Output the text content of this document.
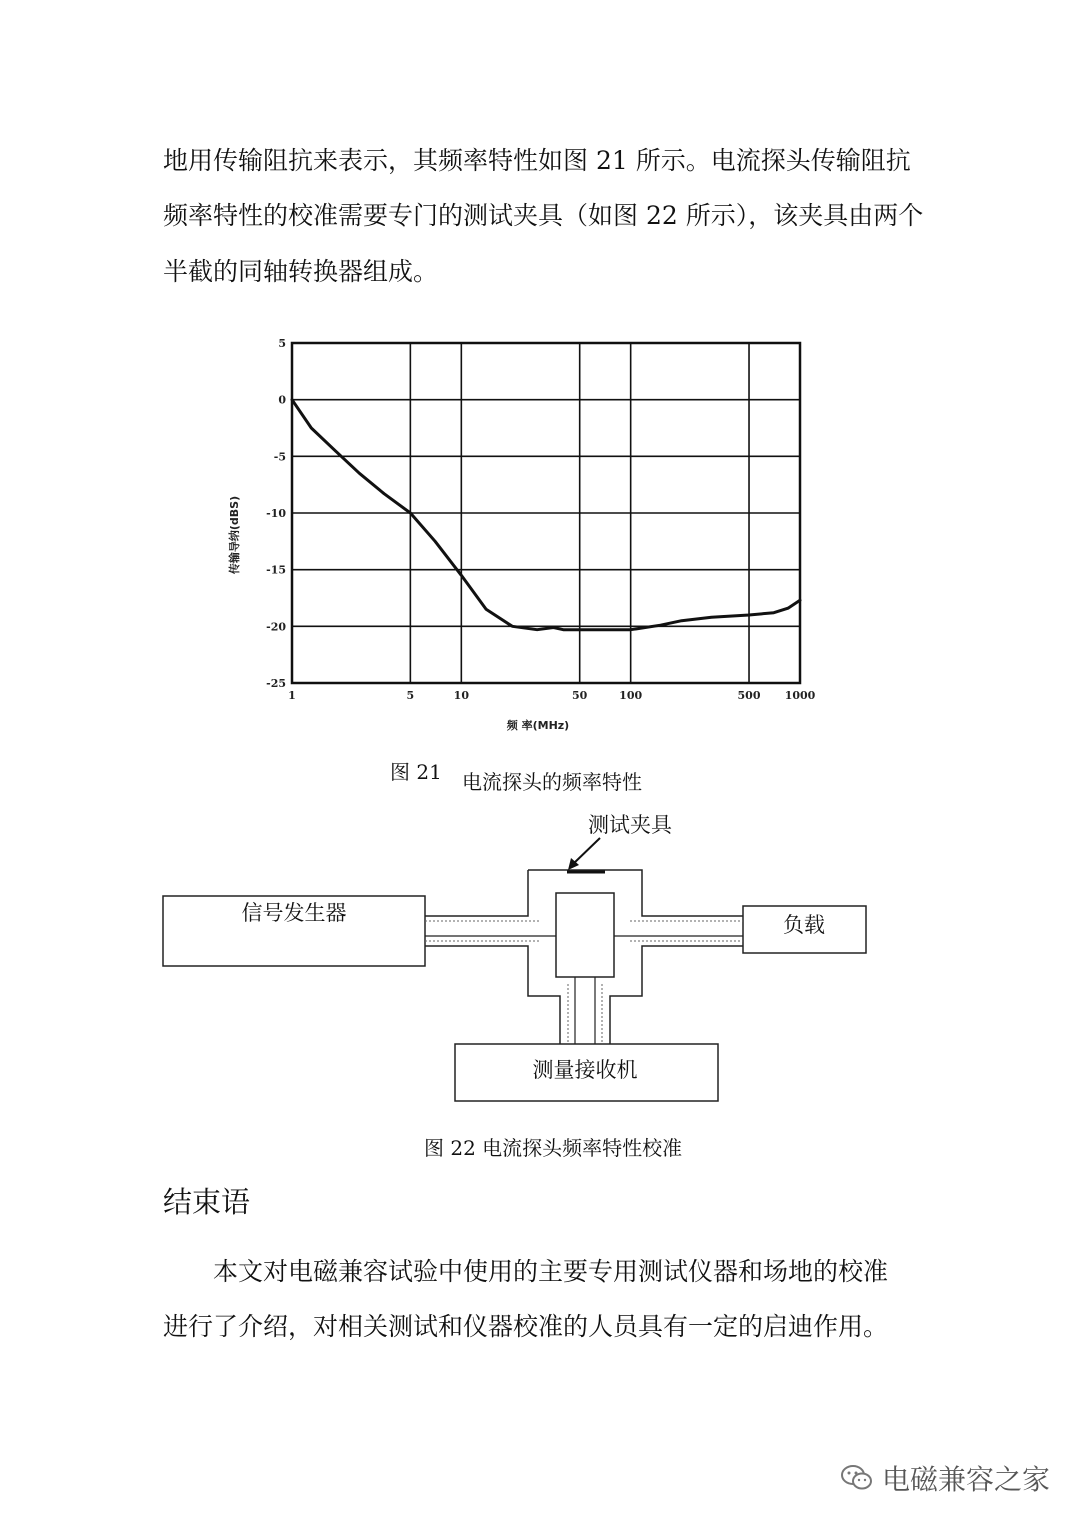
地用传输阻抗来表示，其频率特性如图 21 所示。电流探头传输阻抗
频率特性的校准需要专门的测试夹具（如图 22 所示），该夹具由两个
半截的同轴转换器组成。
5
0
-5
-10
-15
-20
-25
1	5	10	50	100	500 1000
传输导纳(dBS)
频 率(MHz)
图 21 电流探头的频率特性
测试夹具
信号发生器	负载
测量接收机
图 22 电流探头频率特性校准
结束语
本文对电磁兼容试验中使用的主要专用测试仪器和场地的校准
进行了介绍，对相关测试和仪器校准的人员具有一定的启迪作用。
电磁兼容之家
